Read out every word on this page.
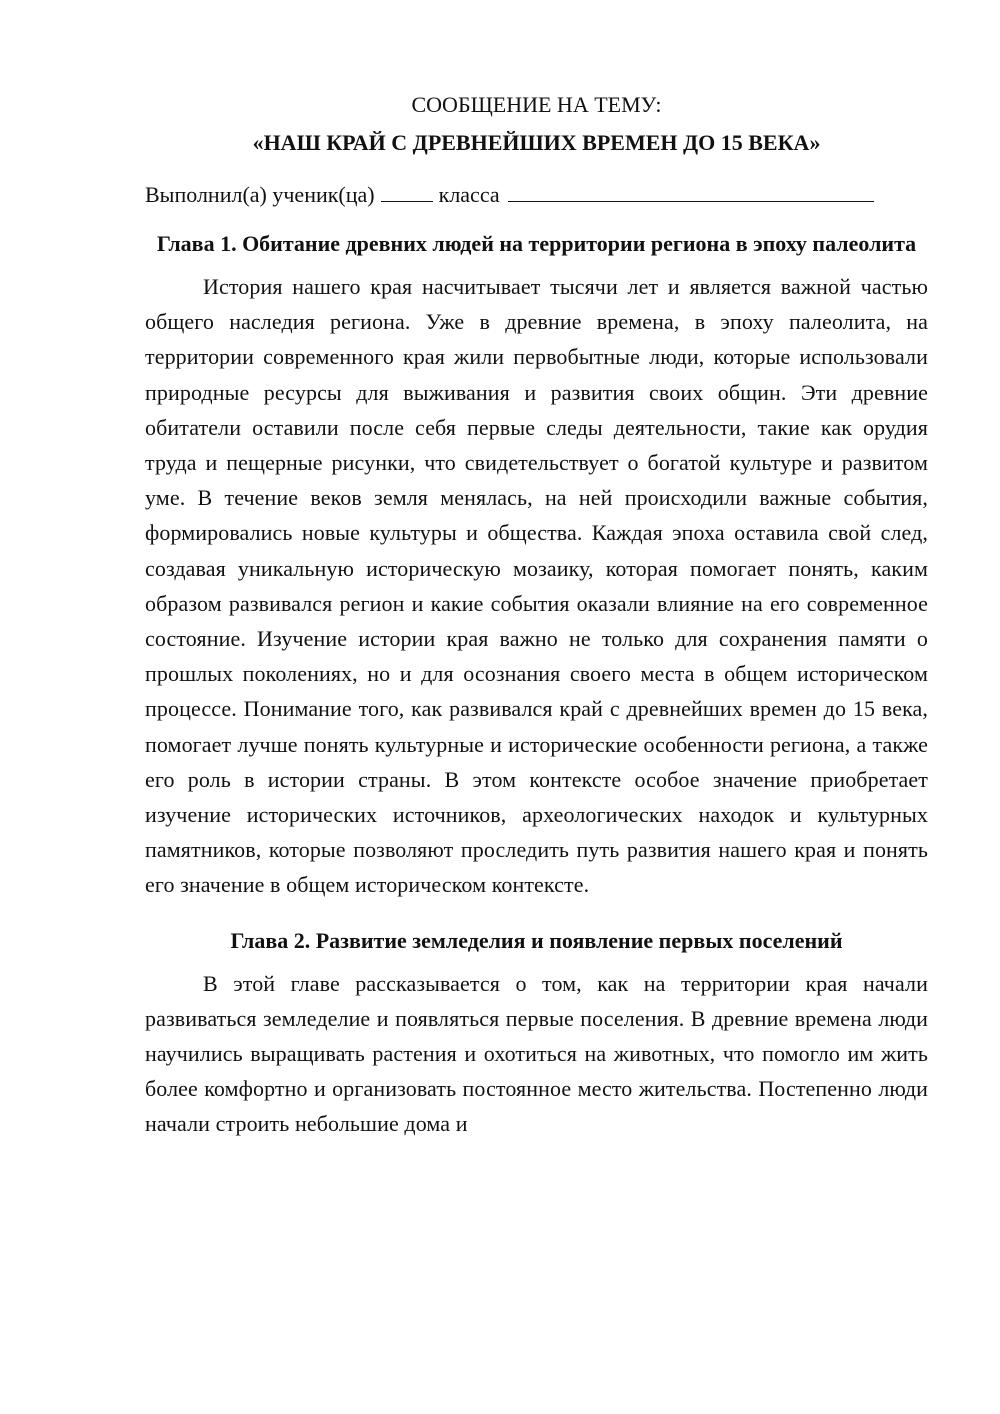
СООБЩЕНИЕ НА ТЕМУ:

«НАШ КРАЙ С ДРЕВНЕЙШИХ ВРЕМЕН ДО 15 ВЕКА»

Выполнил(а) ученик(ца)	класса

Глава 1. Обитание древних людей на территории региона в эпоху палеолита

История нашего края насчитывает тысячи лет и является важной частью общего наследия региона. Уже в древние времена, в эпоху палеолита, на территории современного края жили первобытные люди, которые использовали природные ресурсы для выживания и развития своих общин. Эти древние обитатели оставили после себя первые следы деятельности, такие как орудия труда и пещерные рисунки, что свидетельствует о богатой культуре и развитом уме. В течение веков земля менялась, на ней происходили важные события, формировались новые культуры и общества. Каждая эпоха оставила свой след, создавая уникальную историческую мозаику, которая помогает понять, каким образом развивался регион и какие события оказали влияние на его современное состояние. Изучение истории края важно не только для сохранения памяти о прошлых поколениях, но и для осознания своего места в общем историческом процессе. Понимание того, как развивался край с древнейших времен до 15 века, помогает лучше понять культурные и исторические особенности региона, а также его роль в истории страны. В этом контексте особое значение приобретает изучение исторических источников, археологических находок и культурных памятников, которые позволяют проследить путь развития нашего края и понять его значение в общем историческом контексте.

Глава 2. Развитие земледелия и появление первых поселений

В этой главе рассказывается о том, как на территории края начали развиваться земледелие и появляться первые поселения. В древние времена люди научились выращивать растения и охотиться на животных, что помогло им жить более комфортно и организовать постоянное место жительства. Постепенно люди начали строить небольшие дома и
